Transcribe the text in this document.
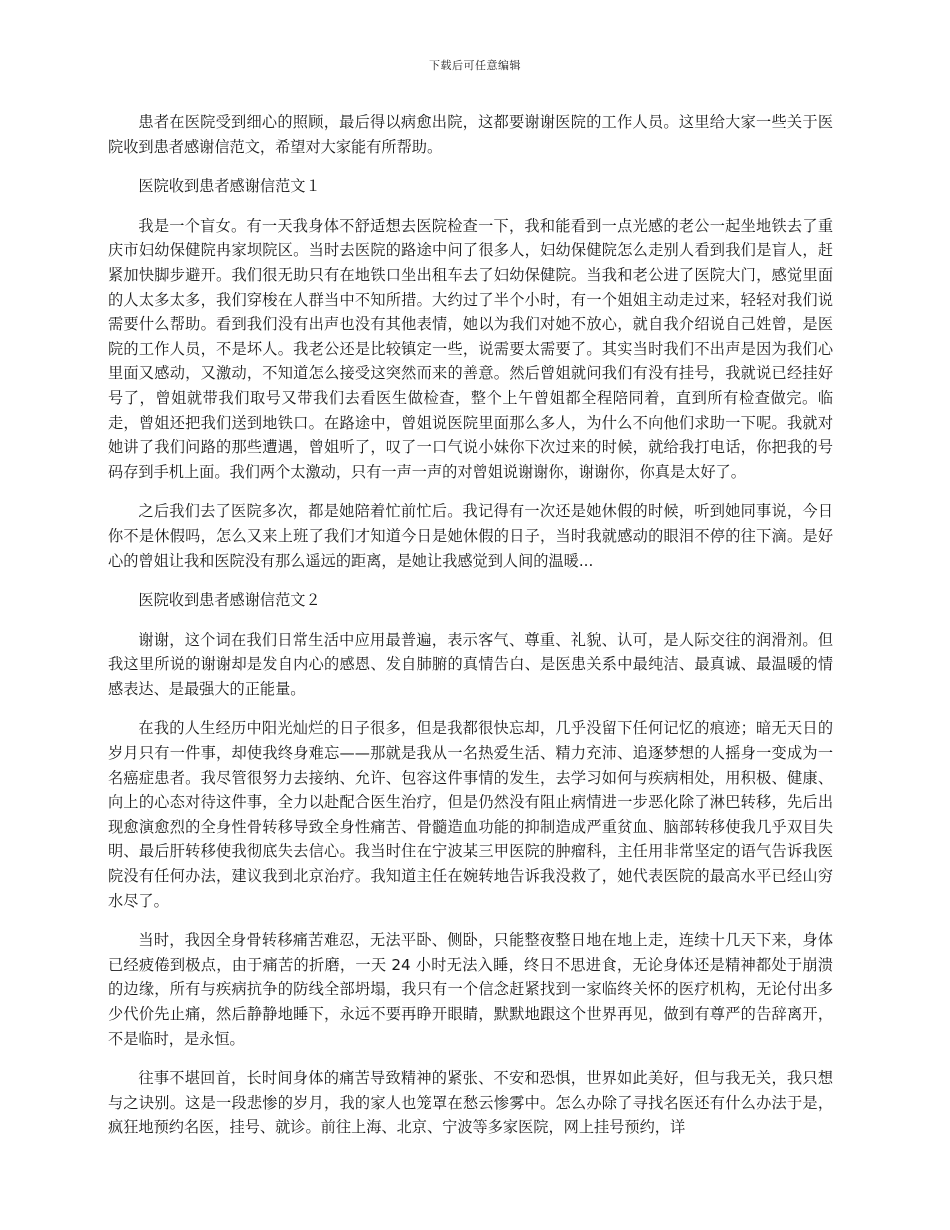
下载后可任意编辑

患者在医院受到细心的照顾，最后得以病愈出院，这都要谢谢医院的工作人员。这里给大家一些关于医院收到患者感谢信范文，希望对大家能有所帮助。

医院收到患者感谢信范文１

我是一个盲女。有一天我身体不舒适想去医院检查一下，我和能看到一点光感的老公一起坐地铁去了重庆市妇幼保健院冉家坝院区。当时去医院的路途中问了很多人，妇幼保健院怎么走别人看到我们是盲人，赶紧加快脚步避开。我们很无助只有在地铁口坐出租车去了妇幼保健院。当我和老公进了医院大门，感觉里面的人太多太多，我们穿梭在人群当中不知所措。大约过了半个小时，有一个姐姐主动走过来，轻轻对我们说需要什么帮助。看到我们没有出声也没有其他表情，她以为我们对她不放心，就自我介绍说自己姓曾，是医院的工作人员，不是坏人。我老公还是比较镇定一些，说需要太需要了。其实当时我们不出声是因为我们心里面又感动，又激动，不知道怎么接受这突然而来的善意。然后曾姐就问我们有没有挂号，我就说已经挂好号了，曾姐就带我们取号又带我们去看医生做检查，整个上午曾姐都全程陪同着，直到所有检查做完。临走，曾姐还把我们送到地铁口。在路途中，曾姐说医院里面那么多人，为什么不向他们求助一下呢。我就对她讲了我们问路的那些遭遇，曾姐听了，叹了一口气说小妹你下次过来的时候，就给我打电话，你把我的号码存到手机上面。我们两个太激动，只有一声一声的对曾姐说谢谢你，谢谢你，你真是太好了。

之后我们去了医院多次，都是她陪着忙前忙后。我记得有一次还是她休假的时候，听到她同事说，今日你不是休假吗，怎么又来上班了我们才知道今日是她休假的日子，当时我就感动的眼泪不停的往下滴。是好心的曾姐让我和医院没有那么遥远的距离，是她让我感觉到人间的温暖...

医院收到患者感谢信范文２

谢谢，这个词在我们日常生活中应用最普遍，表示客气、尊重、礼貌、认可，是人际交往的润滑剂。但我这里所说的谢谢却是发自内心的感恩、发自肺腑的真情告白、是医患关系中最纯洁、最真诚、最温暖的情感表达、是最强大的正能量。

在我的人生经历中阳光灿烂的日子很多，但是我都很快忘却，几乎没留下任何记忆的痕迹；暗无天日的岁月只有一件事，却使我终身难忘——那就是我从一名热爱生活、精力充沛、追逐梦想的人摇身一变成为一名癌症患者。我尽管很努力去接纳、允许、包容这件事情的发生，去学习如何与疾病相处，用积极、健康、向上的心态对待这件事，全力以赴配合医生治疗，但是仍然没有阻止病情进一步恶化除了淋巴转移，先后出现愈演愈烈的全身性骨转移导致全身性痛苦、骨髓造血功能的抑制造成严重贫血、脑部转移使我几乎双目失明、最后肝转移使我彻底失去信心。我当时住在宁波某三甲医院的肿瘤科，主任用非常坚定的语气告诉我医院没有任何办法，建议我到北京治疗。我知道主任在婉转地告诉我没救了，她代表医院的最高水平已经山穷水尽了。

当时，我因全身骨转移痛苦难忍，无法平卧、侧卧，只能整夜整日地在地上走，连续十几天下来，身体已经疲倦到极点，由于痛苦的折磨，一天 24 小时无法入睡，终日不思进食，无论身体还是精神都处于崩溃的边缘，所有与疾病抗争的防线全部坍塌，我只有一个信念赶紧找到一家临终关怀的医疗机构，无论付出多少代价先止痛，然后静静地睡下，永远不要再睁开眼睛，默默地跟这个世界再见，做到有尊严的告辞离开，不是临时，是永恒。

往事不堪回首，长时间身体的痛苦导致精神的紧张、不安和恐惧，世界如此美好，但与我无关，我只想与之诀别。这是一段悲惨的岁月，我的家人也笼罩在愁云惨雾中。怎么办除了寻找名医还有什么办法于是，疯狂地预约名医，挂号、就诊。前往上海、北京、宁波等多家医院，网上挂号预约，详
